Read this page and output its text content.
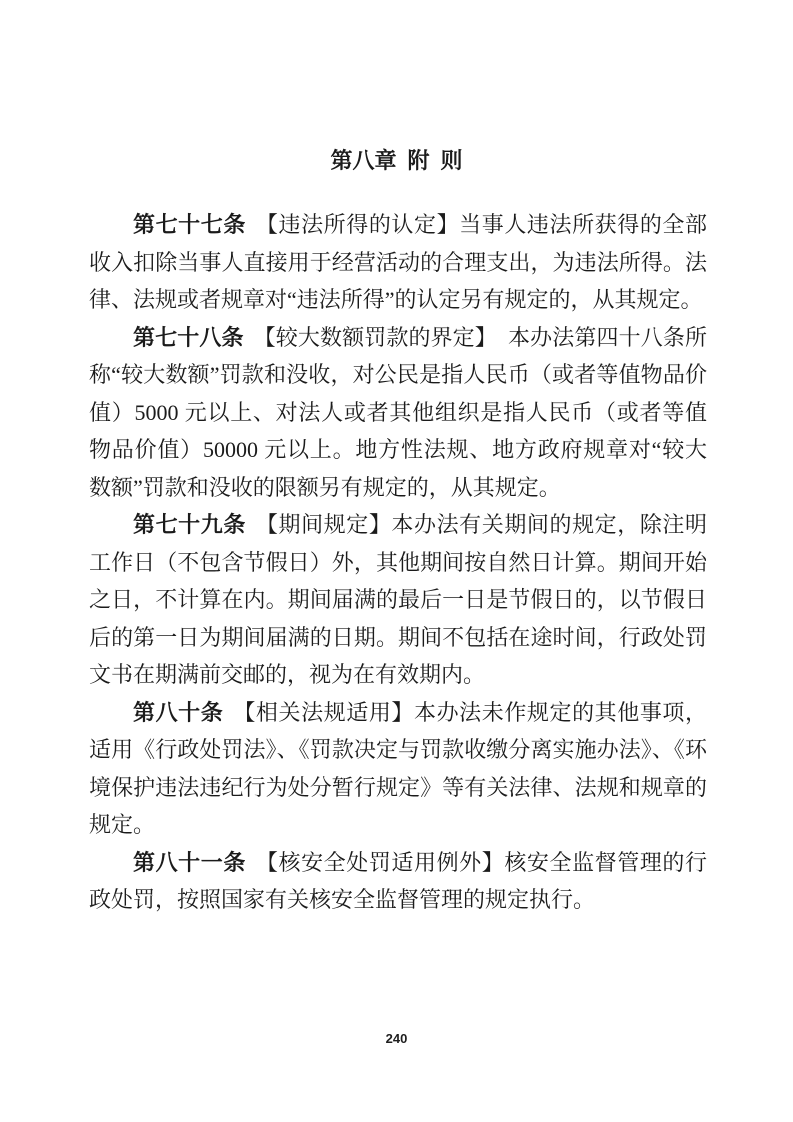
第八章 附 则

第七十七条 【违法所得的认定】当事人违法所获得的全部收入扣除当事人直接用于经营活动的合理支出，为违法所得。法律、法规或者规章对“违法所得”的认定另有规定的，从其规定。

第七十八条 【较大数额罚款的界定】 本办法第四十八条所称“较大数额”罚款和没收，对公民是指人民币（或者等值物品价值）5000 元以上、对法人或者其他组织是指人民币（或者等值物品价值）50000 元以上。地方性法规、地方政府规章对“较大数额”罚款和没收的限额另有规定的，从其规定。

第七十九条 【期间规定】本办法有关期间的规定，除注明工作日（不包含节假日）外，其他期间按自然日计算。期间开始之日，不计算在内。期间届满的最后一日是节假日的，以节假日后的第一日为期间届满的日期。期间不包括在途时间，行政处罚文书在期满前交邮的，视为在有效期内。

第八十条 【相关法规适用】本办法未作规定的其他事项，适用《行政处罚法》、《罚款决定与罚款收缴分离实施办法》、《环境保护违法违纪行为处分暂行规定》等有关法律、法规和规章的规定。

第八十一条 【核安全处罚适用例外】核安全监督管理的行政处罚，按照国家有关核安全监督管理的规定执行。

240
